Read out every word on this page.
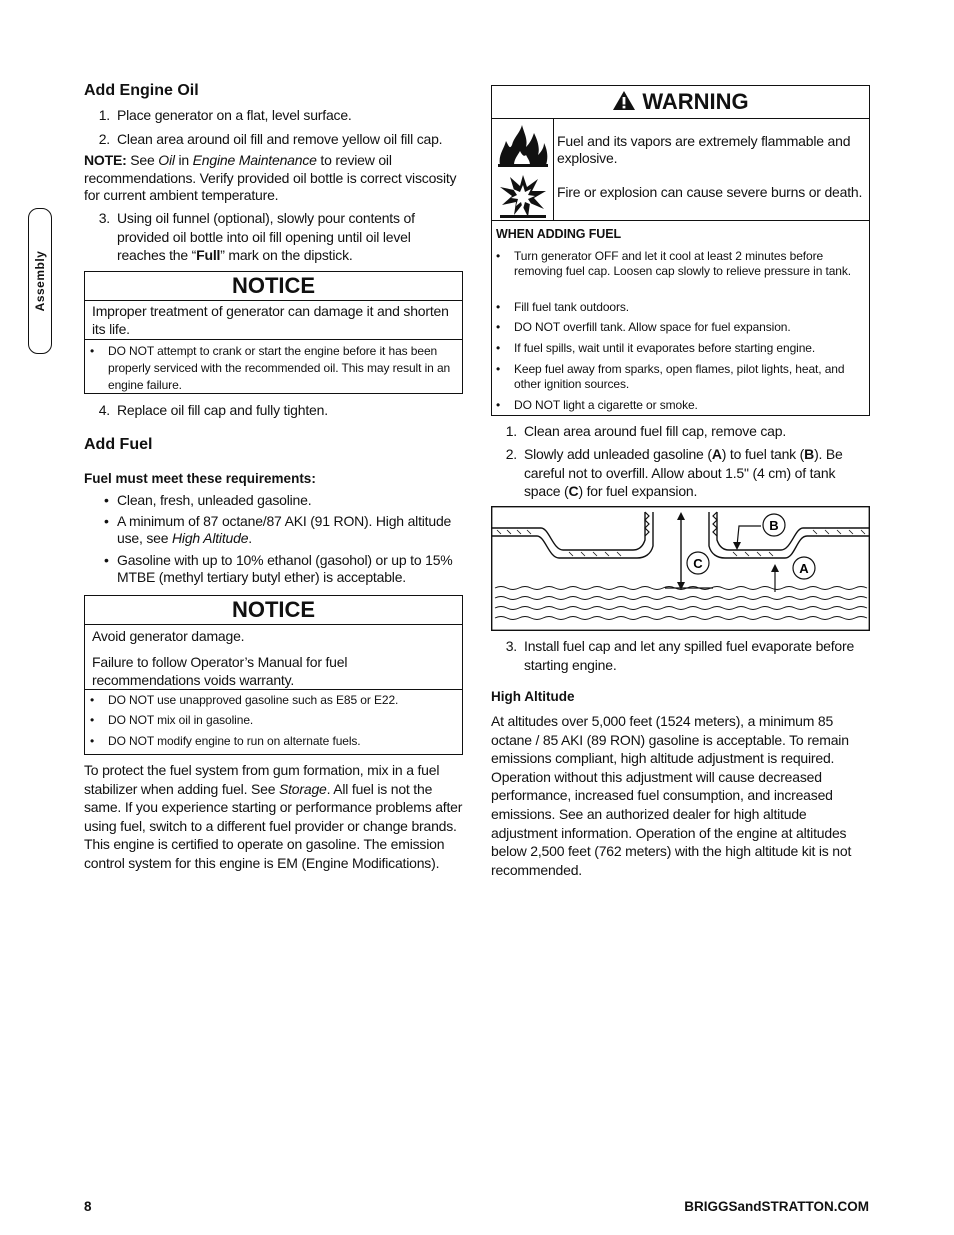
Assembly
Add Engine Oil
1. Place generator on a flat, level surface.
2. Clean area around oil fill and remove yellow oil fill cap.
NOTE: See Oil in Engine Maintenance to review oil recommendations. Verify provided oil bottle is correct viscosity for current ambient temperature.
3. Using oil funnel (optional), slowly pour contents of provided oil bottle into oil fill opening until oil level reaches the “Full” mark on the dipstick.
NOTICE
Improper treatment of generator can damage it and shorten its life.
• DO NOT attempt to crank or start the engine before it has been properly serviced with the recommended oil. This may result in an engine failure.
4. Replace oil fill cap and fully tighten.
Add Fuel
Fuel must meet these requirements:
• Clean, fresh, unleaded gasoline.
• A minimum of 87 octane/87 AKI (91 RON). High altitude use, see High Altitude.
• Gasoline with up to 10% ethanol (gasohol) or up to 15% MTBE (methyl tertiary butyl ether) is acceptable.
NOTICE
Avoid generator damage.
Failure to follow Operator’s Manual for fuel recommendations voids warranty.
• DO NOT use unapproved gasoline such as E85 or E22.
• DO NOT mix oil in gasoline.
• DO NOT modify engine to run on alternate fuels.
To protect the fuel system from gum formation, mix in a fuel stabilizer when adding fuel. See Storage. All fuel is not the same. If you experience starting or performance problems after using fuel, switch to a different fuel provider or change brands. This engine is certified to operate on gasoline. The emission control system for this engine is EM (Engine Modifications).
WARNING
Fuel and its vapors are extremely flammable and explosive.
Fire or explosion can cause severe burns or death.
WHEN ADDING FUEL
• Turn generator OFF and let it cool at least 2 minutes before removing fuel cap. Loosen cap slowly to relieve pressure in tank.
• Fill fuel tank outdoors.
• DO NOT overfill tank. Allow space for fuel expansion.
• If fuel spills, wait until it evaporates before starting engine.
• Keep fuel away from sparks, open flames, pilot lights, heat, and other ignition sources.
• DO NOT light a cigarette or smoke.
1. Clean area around fuel fill cap, remove cap.
2. Slowly add unleaded gasoline (A) to fuel tank (B). Be careful not to overfill. Allow about 1.5" (4 cm) of tank space (C) for fuel expansion.
B
A
C
3. Install fuel cap and let any spilled fuel evaporate before starting engine.
High Altitude
At altitudes over 5,000 feet (1524 meters), a minimum 85 octane / 85 AKI (89 RON) gasoline is acceptable. To remain emissions compliant, high altitude adjustment is required. Operation without this adjustment will cause decreased performance, increased fuel consumption, and increased emissions. See an authorized dealer for high altitude adjustment information. Operation of the engine at altitudes below 2,500 feet (762 meters) with the high altitude kit is not recommended.
8	BRIGGSandSTRATTON.COM
